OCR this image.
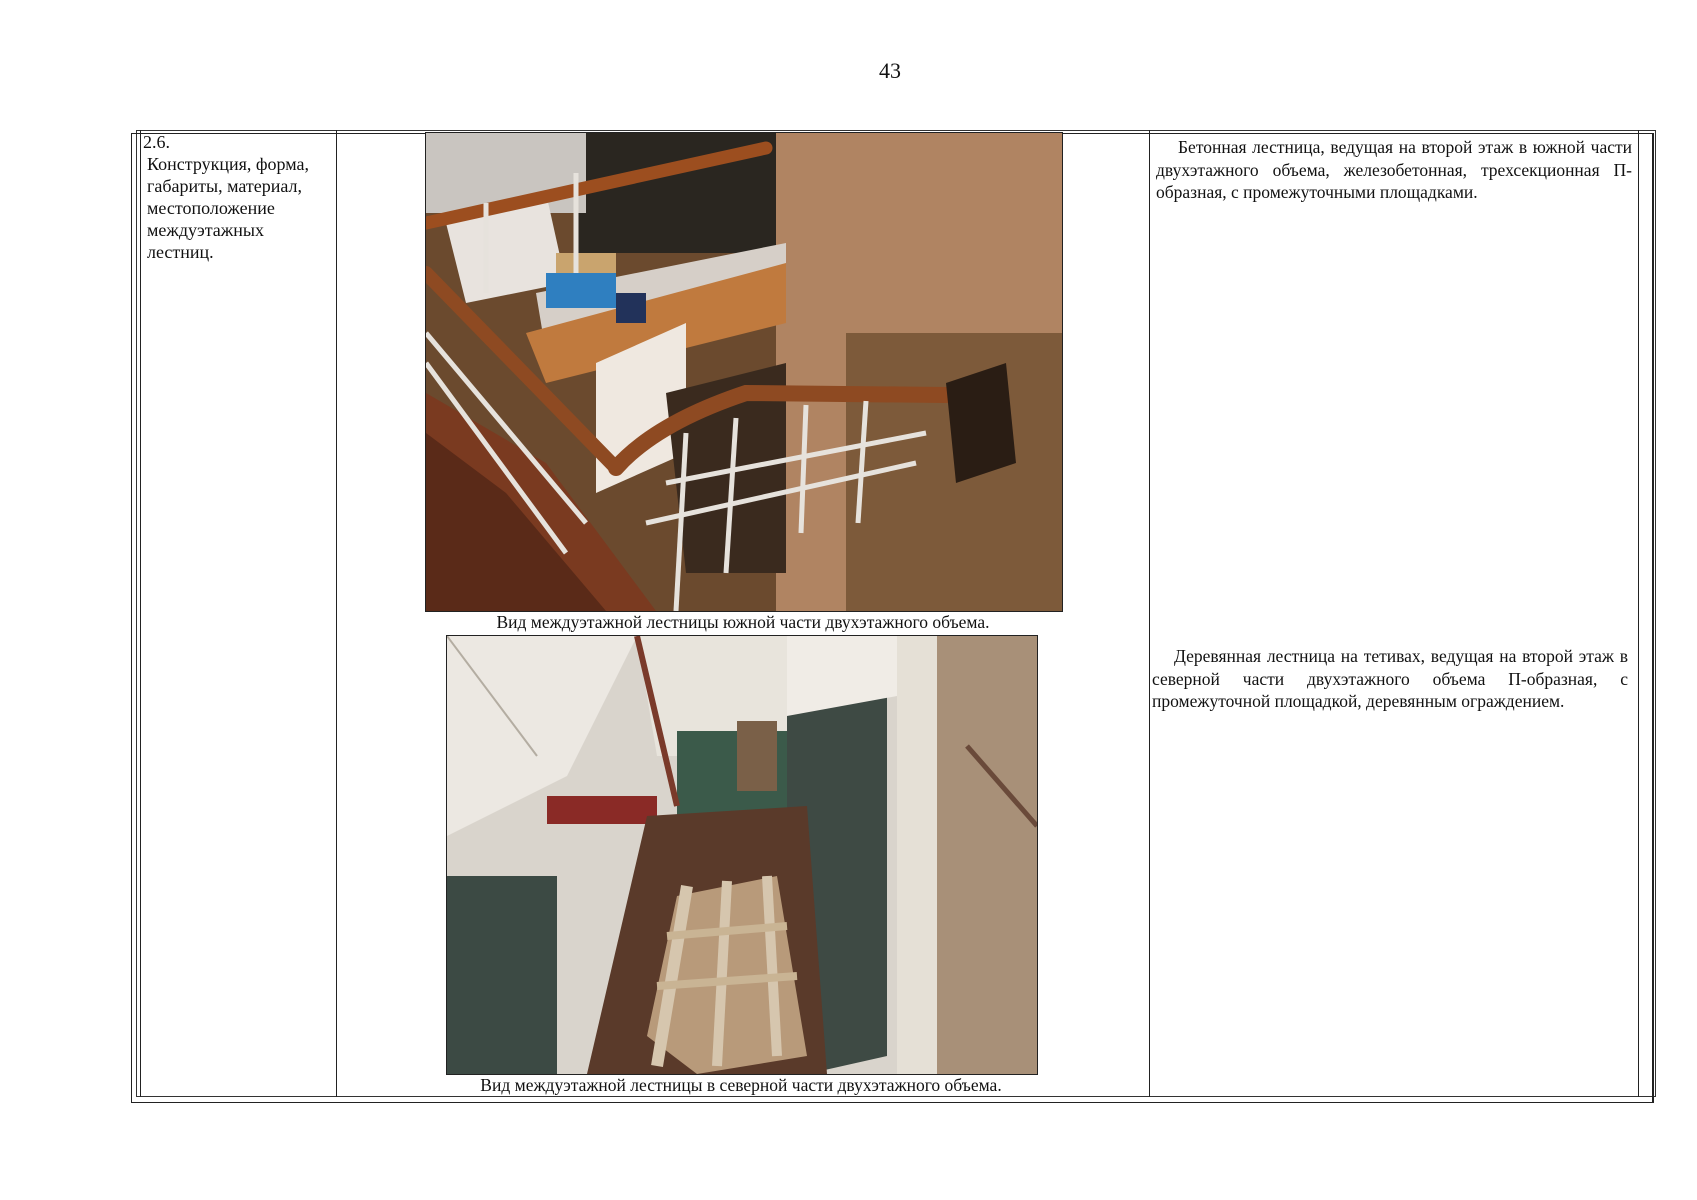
43
2.6.
Конструкция, форма, габариты, материал, местоположение междуэтажных лестниц.
Вид междуэтажной лестницы южной части двухэтажного объема.
Вид междуэтажной лестницы в северной части двухэтажного объема.

Бетонная лестница, ведущая на второй этаж в южной части двухэтажного объема, железобетонная, трехсекционная П-образная, с промежуточными площадками.

Деревянная лестница на тетивах, ведущая на второй этаж в северной части двухэтажного объема П-образная, с промежуточной площадкой, деревянным ограждением.
